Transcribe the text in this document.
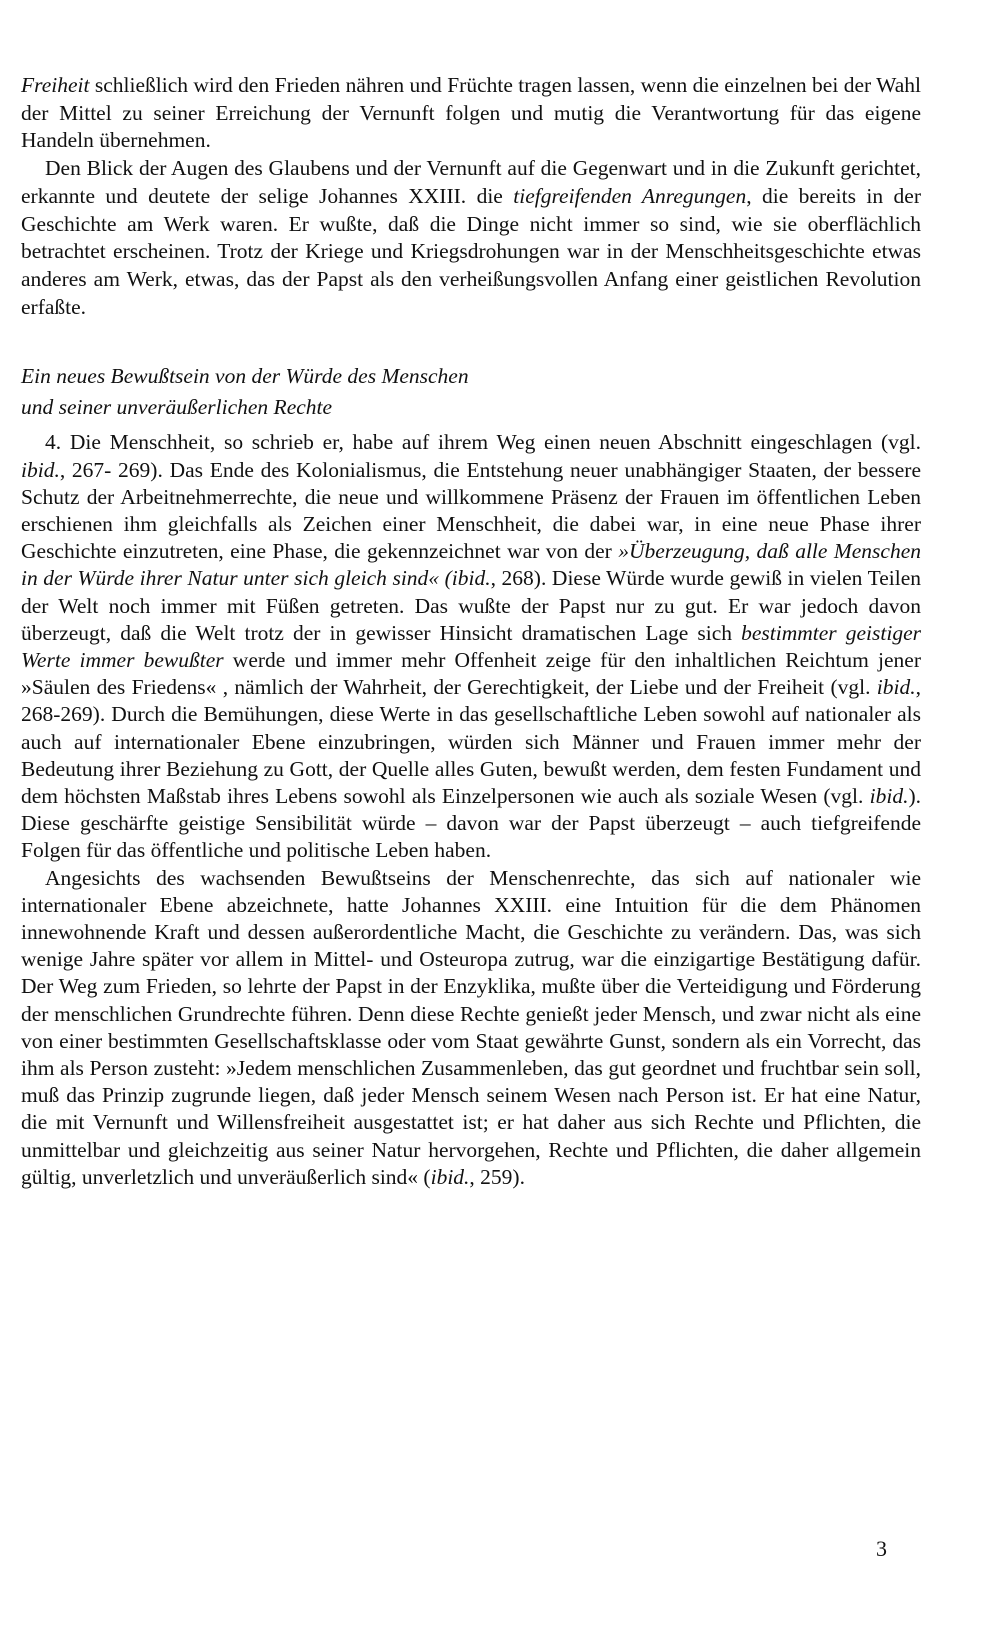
Freiheit schließlich wird den Frieden nähren und Früchte tragen lassen, wenn die einzelnen bei der Wahl der Mittel zu seiner Erreichung der Vernunft folgen und mutig die Verantwortung für das eigene Handeln übernehmen.

Den Blick der Augen des Glaubens und der Vernunft auf die Gegenwart und in die Zukunft gerichtet, erkannte und deutete der selige Johannes XXIII. die tiefgreifenden Anregungen, die bereits in der Geschichte am Werk waren. Er wußte, daß die Dinge nicht immer so sind, wie sie oberflächlich betrachtet erscheinen. Trotz der Kriege und Kriegsdrohungen war in der Menschheitsgeschichte etwas anderes am Werk, etwas, das der Papst als den verheißungsvollen Anfang einer geistlichen Revolution erfaßte.

Ein neues Bewußtsein von der Würde des Menschen
und seiner unveräußerlichen Rechte

4. Die Menschheit, so schrieb er, habe auf ihrem Weg einen neuen Abschnitt eingeschlagen (vgl. ibid., 267- 269). Das Ende des Kolonialismus, die Entstehung neuer unabhängiger Staaten, der bessere Schutz der Arbeitnehmerrechte, die neue und willkommene Präsenz der Frauen im öffentlichen Leben erschienen ihm gleichfalls als Zeichen einer Menschheit, die dabei war, in eine neue Phase ihrer Geschichte einzutreten, eine Phase, die gekennzeichnet war von der »Überzeugung, daß alle Menschen in der Würde ihrer Natur unter sich gleich sind« (ibid., 268). Diese Würde wurde gewiß in vielen Teilen der Welt noch immer mit Füßen getreten. Das wußte der Papst nur zu gut. Er war jedoch davon überzeugt, daß die Welt trotz der in gewisser Hinsicht dramatischen Lage sich bestimmter geistiger Werte immer bewußter werde und immer mehr Offenheit zeige für den inhaltlichen Reichtum jener »Säulen des Friedens« , nämlich der Wahrheit, der Gerechtigkeit, der Liebe und der Freiheit (vgl. ibid., 268-269). Durch die Bemühungen, diese Werte in das gesellschaftliche Leben sowohl auf nationaler als auch auf internationaler Ebene einzubringen, würden sich Männer und Frauen immer mehr der Bedeutung ihrer Beziehung zu Gott, der Quelle alles Guten, bewußt werden, dem festen Fundament und dem höchsten Maßstab ihres Lebens sowohl als Einzelpersonen wie auch als soziale Wesen (vgl. ibid.). Diese geschärfte geistige Sensibilität würde – davon war der Papst überzeugt – auch tiefgreifende Folgen für das öffentliche und politische Leben haben.

Angesichts des wachsenden Bewußtseins der Menschenrechte, das sich auf nationaler wie internationaler Ebene abzeichnete, hatte Johannes XXIII. eine Intuition für die dem Phänomen innewohnende Kraft und dessen außerordentliche Macht, die Geschichte zu verändern. Das, was sich wenige Jahre später vor allem in Mittel- und Osteuropa zutrug, war die einzigartige Bestätigung dafür. Der Weg zum Frieden, so lehrte der Papst in der Enzyklika, mußte über die Verteidigung und Förderung der menschlichen Grundrechte führen. Denn diese Rechte genießt jeder Mensch, und zwar nicht als eine von einer bestimmten Gesellschaftsklasse oder vom Staat gewährte Gunst, sondern als ein Vorrecht, das ihm als Person zusteht: »Jedem menschlichen Zusammenleben, das gut geordnet und fruchtbar sein soll, muß das Prinzip zugrunde liegen, daß jeder Mensch seinem Wesen nach Person ist. Er hat eine Natur, die mit Vernunft und Willensfreiheit ausgestattet ist; er hat daher aus sich Rechte und Pflichten, die unmittelbar und gleichzeitig aus seiner Natur hervorgehen, Rechte und Pflichten, die daher allgemein gültig, unverletzlich und unveräußerlich sind« (ibid., 259).

3
